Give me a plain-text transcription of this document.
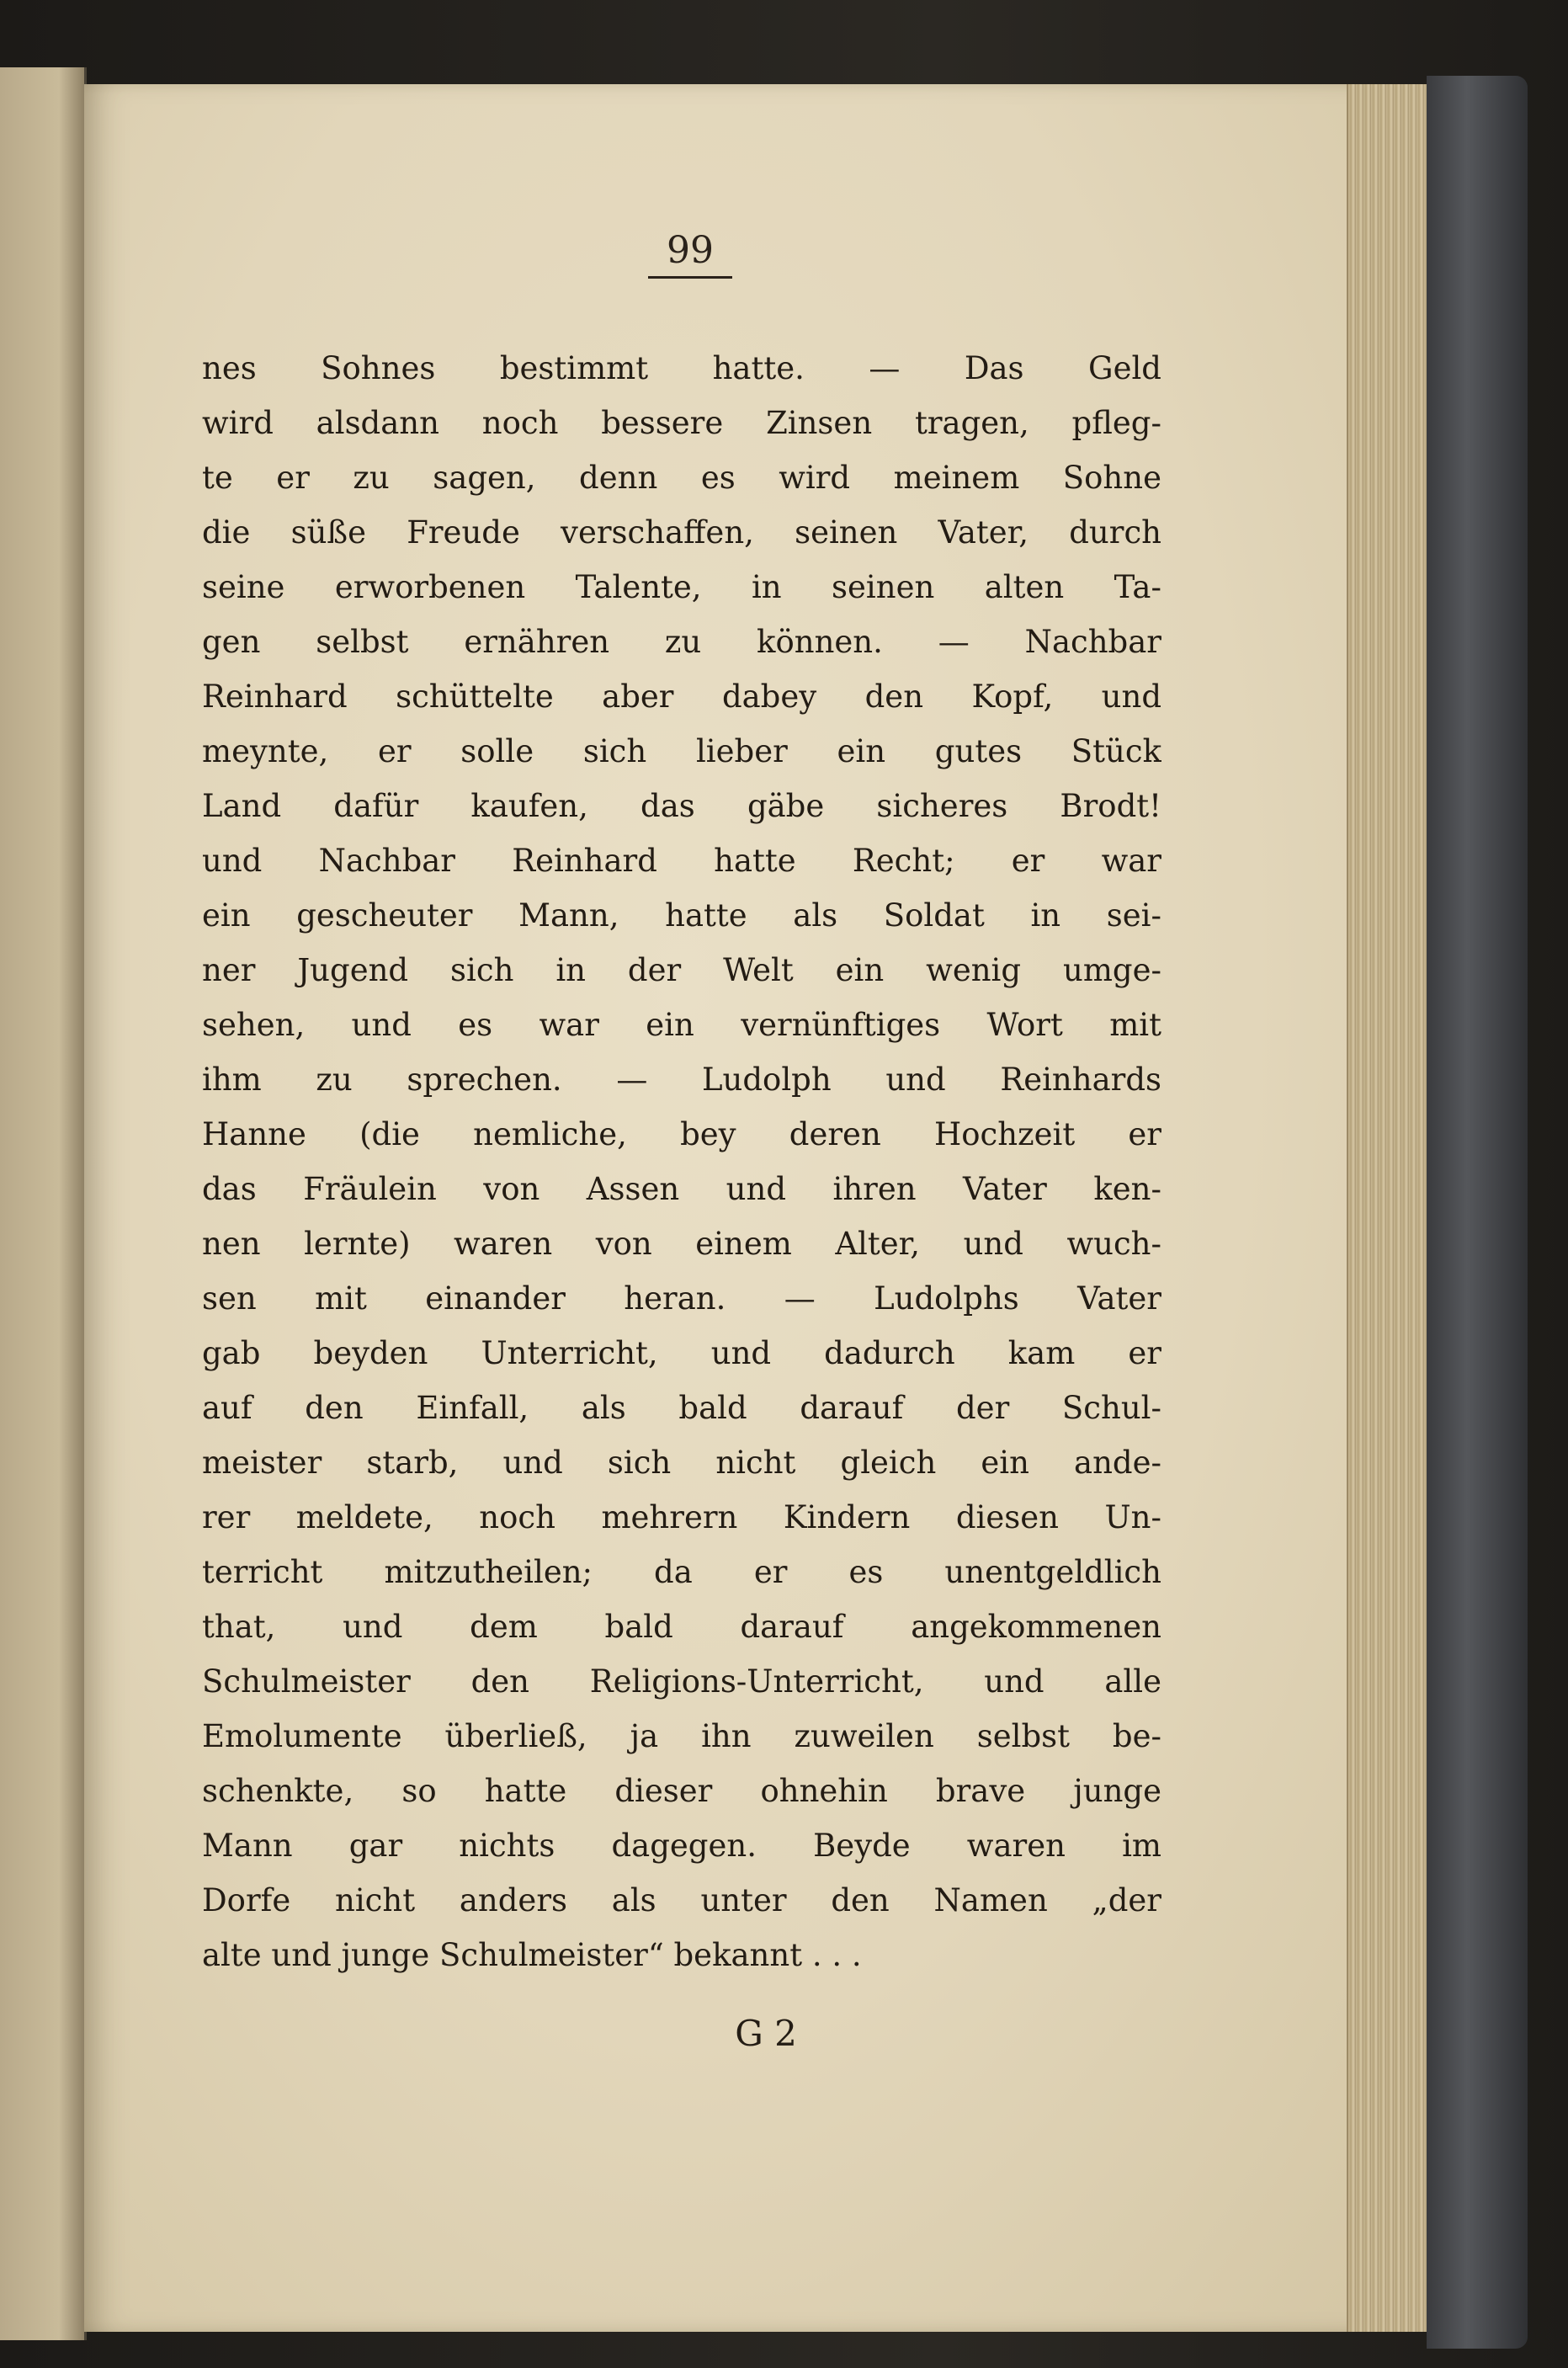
99
nes Sohnes bestimmt hatte. — Das Geld
wird alsdann noch bessere Zinsen tragen, pfleg-
te er zu sagen, denn es wird meinem Sohne
die süße Freude verschaffen, seinen Vater, durch
seine erworbenen Talente, in seinen alten Ta-
gen selbst ernähren zu können. — Nachbar
Reinhard schüttelte aber dabey den Kopf, und
meynte, er solle sich lieber ein gutes Stück
Land dafür kaufen, das gäbe sicheres Brodt!
und Nachbar Reinhard hatte Recht; er war
ein gescheuter Mann, hatte als Soldat in sei-
ner Jugend sich in der Welt ein wenig umge-
sehen, und es war ein vernünftiges Wort mit
ihm zu sprechen. — Ludolph und Reinhards
Hanne (die nemliche, bey deren Hochzeit er
das Fräulein von Assen und ihren Vater ken-
nen lernte) waren von einem Alter, und wuch-
sen mit einander heran. — Ludolphs Vater
gab beyden Unterricht, und dadurch kam er
auf den Einfall, als bald darauf der Schul-
meister starb, und sich nicht gleich ein ande-
rer meldete, noch mehrern Kindern diesen Un-
terricht mitzutheilen; da er es unentgeldlich
that, und dem bald darauf angekommenen
Schulmeister den Religions-Unterricht, und alle
Emolumente überließ, ja ihn zuweilen selbst be-
schenkte, so hatte dieser ohnehin brave junge
Mann gar nichts dagegen. Beyde waren im
Dorfe nicht anders als unter den Namen „der
alte und junge Schulmeister“ bekannt . . .
G 2
